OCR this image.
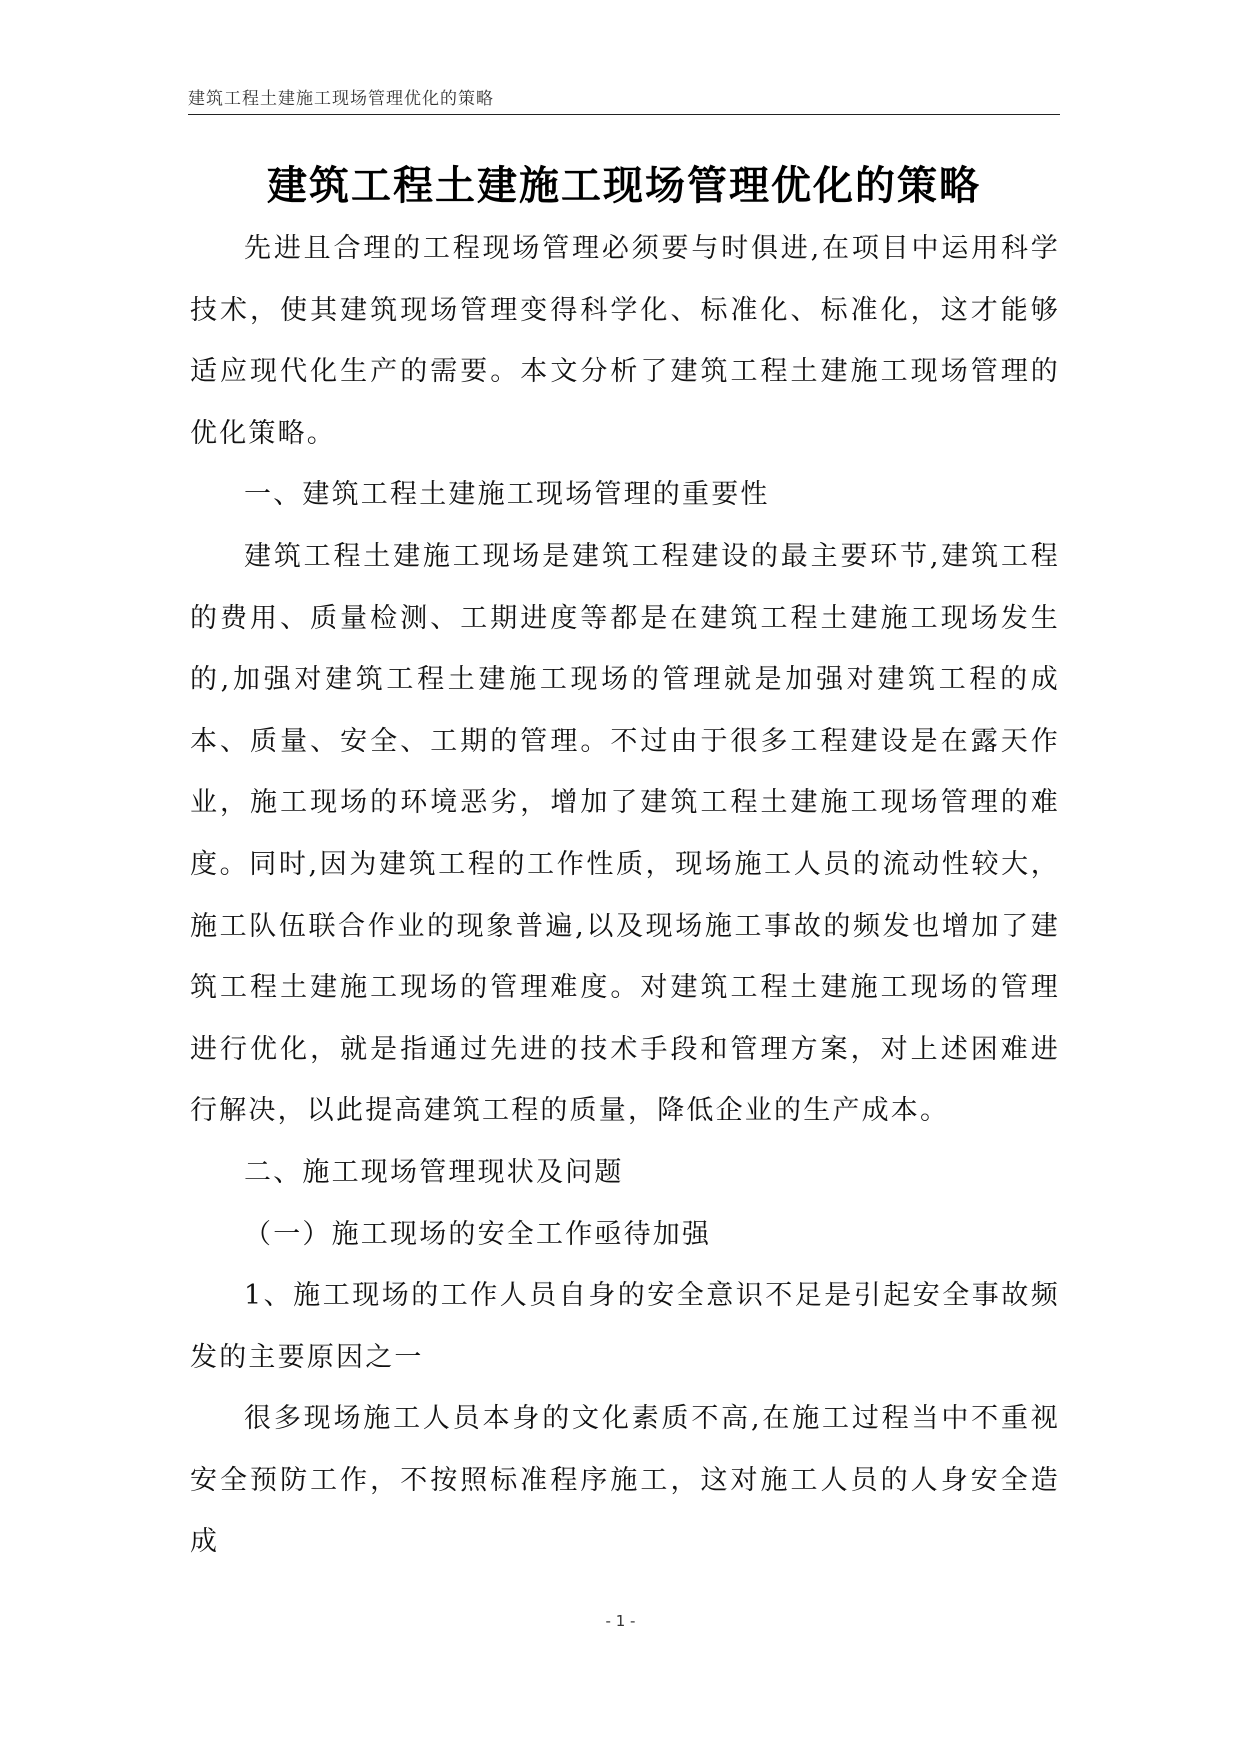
建筑工程土建施工现场管理优化的策略
建筑工程土建施工现场管理优化的策略

先进且合理的工程现场管理必须要与时俱进,在项目中运用科学技术，使其建筑现场管理变得科学化、标准化、标准化，这才能够适应现代化生产的需要。本文分析了建筑工程土建施工现场管理的优化策略。

一、建筑工程土建施工现场管理的重要性

建筑工程土建施工现场是建筑工程建设的最主要环节,建筑工程的费用、质量检测、工期进度等都是在建筑工程土建施工现场发生的,加强对建筑工程土建施工现场的管理就是加强对建筑工程的成本、质量、安全、工期的管理。不过由于很多工程建设是在露天作业，施工现场的环境恶劣，增加了建筑工程土建施工现场管理的难度。同时,因为建筑工程的工作性质，现场施工人员的流动性较大，施工队伍联合作业的现象普遍,以及现场施工事故的频发也增加了建筑工程土建施工现场的管理难度。对建筑工程土建施工现场的管理进行优化，就是指通过先进的技术手段和管理方案，对上述困难进行解决，以此提高建筑工程的质量，降低企业的生产成本。

二、施工现场管理现状及问题

（一）施工现场的安全工作亟待加强

1、施工现场的工作人员自身的安全意识不足是引起安全事故频发的主要原因之一

很多现场施工人员本身的文化素质不高,在施工过程当中不重视安全预防工作，不按照标准程序施工，这对施工人员的人身安全造成

- 1 -
